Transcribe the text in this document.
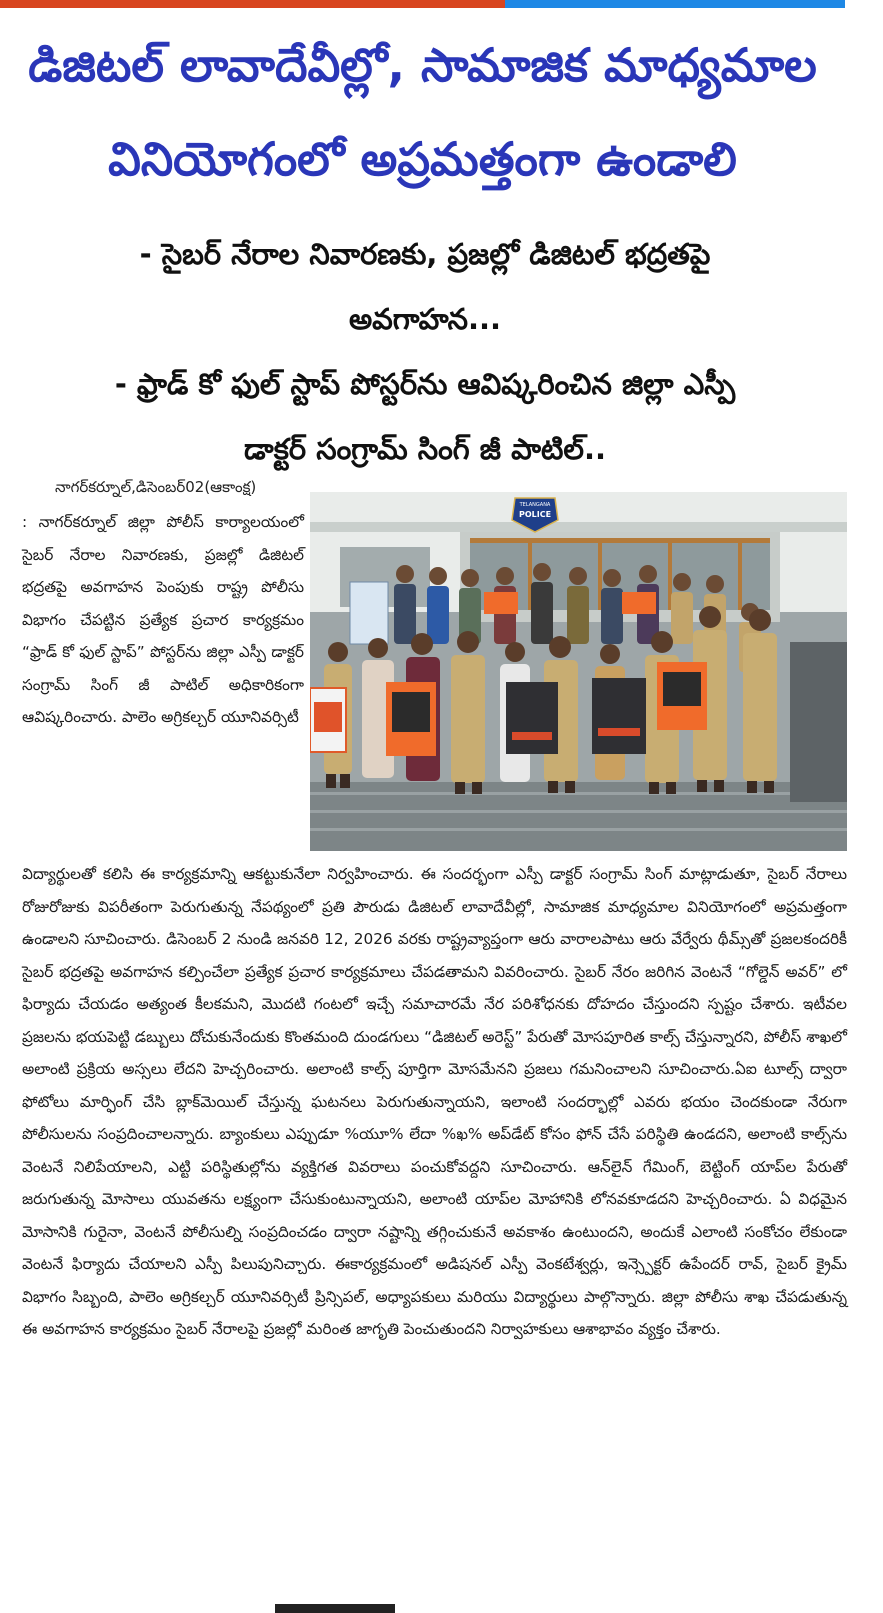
డిజిటల్ లావాదేవీల్లో, సామాజిక మాధ్యమాల
వినియోగంలో అప్రమత్తంగా ఉండాలి

- సైబర్ నేరాల నివారణకు, ప్రజల్లో డిజిటల్ భద్రతపై

అవగాహన...

- ఫ్రాడ్ కో ఫుల్ స్టాప్ పోస్టర్‌ను ఆవిష్కరించిన జిల్లా ఎస్పీ

డాక్టర్ సంగ్రామ్ సింగ్ జీ పాటిల్..

నాగర్‌కర్నూల్,డిసెంబర్02(ఆకాంక్ష)
: నాగర్‌కర్నూల్ జిల్లా పోలీస్ కార్యాలయంలో సైబర్ నేరాల నివారణకు, ప్రజల్లో డిజిటల్ భద్రతపై అవగాహన పెంపుకు రాష్ట్ర పోలీసు విభాగం చేపట్టిన ప్రత్యేక ప్రచార కార్యక్రమం “ఫ్రాడ్ కో ఫుల్ స్టాప్” పోస్టర్‌ను జిల్లా ఎస్పీ డాక్టర్ సంగ్రామ్ సింగ్ జీ పాటిల్ అధికారికంగా ఆవిష్కరించారు. పాలెం అగ్రికల్చర్ యూనివర్సిటీ
TELANGANA
POLICE
విద్యార్థులతో కలిసి ఈ కార్యక్రమాన్ని ఆకట్టుకునేలా నిర్వహించారు. ఈ సందర్భంగా ఎస్పీ డాక్టర్ సంగ్రామ్ సింగ్ మాట్లాడుతూ, సైబర్ నేరాలు రోజురోజుకు విపరీతంగా పెరుగుతున్న నేపథ్యంలో ప్రతి పౌరుడు డిజిటల్ లావాదేవీల్లో, సామాజిక మాధ్యమాల వినియోగంలో అప్రమత్తంగా ఉండాలని సూచించారు. డిసెంబర్ 2 నుండి జనవరి 12, 2026 వరకు రాష్ట్రవ్యాప్తంగా ఆరు వారాలపాటు ఆరు వేర్వేరు థీమ్స్‌తో ప్రజలకందరికీ సైబర్ భద్రతపై అవగాహన కల్పించేలా ప్రత్యేక ప్రచార కార్యక్రమాలు చేపడతామని వివరించారు. సైబర్ నేరం జరిగిన వెంటనే “గోల్డెన్ అవర్” లో ఫిర్యాదు చేయడం అత్యంత కీలకమని, మొదటి గంటలో ఇచ్చే సమాచారమే నేర పరిశోధనకు దోహదం చేస్తుందని స్పష్టం చేశారు. ఇటీవల ప్రజలను భయపెట్టి డబ్బులు దోచుకునేందుకు కొంతమంది దుండగులు “డిజిటల్ అరెస్ట్” పేరుతో మోసపూరిత కాల్స్ చేస్తున్నారని, పోలీస్ శాఖలో అలాంటి ప్రక్రియ అస్సలు లేదని హెచ్చరించారు. అలాంటి కాల్స్ పూర్తిగా మోసమేనని ప్రజలు గమనించాలని సూచించారు.ఏఐ టూల్స్ ద్వారా ఫోటోలు మార్ఫింగ్ చేసి బ్లాక్‌మెయిల్ చేస్తున్న ఘటనలు పెరుగుతున్నాయని, ఇలాంటి సందర్భాల్లో ఎవరు భయం చెందకుండా నేరుగా పోలీసులను సంప్రదించాలన్నారు. బ్యాంకులు ఎప్పుడూ %యూ% లేదా %ఖ% అప్‌డేట్ కోసం ఫోన్ చేసే పరిస్థితి ఉండదని, అలాంటి కాల్స్‌ను వెంటనే నిలిపేయాలని, ఎట్టి పరిస్థితుల్లోను వ్యక్తిగత వివరాలు పంచుకోవద్దని సూచించారు. ఆన్‌లైన్ గేమింగ్, బెట్టింగ్ యాప్‌ల పేరుతో జరుగుతున్న మోసాలు యువతను లక్ష్యంగా చేసుకుంటున్నాయని, అలాంటి యాప్‌ల మోహానికి లోనవకూడదని హెచ్చరించారు. ఏ విధమైన మోసానికి గురైనా, వెంటనే పోలీసుల్ని సంప్రదించడం ద్వారా నష్టాన్ని తగ్గించుకునే అవకాశం ఉంటుందని, అందుకే ఎలాంటి సంకోచం లేకుండా వెంటనే ఫిర్యాదు చేయాలని ఎస్పీ పిలుపునిచ్చారు. ఈకార్యక్రమంలో అడిషనల్ ఎస్పీ వెంకటేశ్వర్లు, ఇన్స్పెక్టర్ ఉపేందర్ రావ్, సైబర్ క్రైమ్ విభాగం సిబ్బంది, పాలెం అగ్రికల్చర్ యూనివర్సిటీ ప్రిన్సిపల్, అధ్యాపకులు మరియు విద్యార్థులు పాల్గొన్నారు. జిల్లా పోలీసు శాఖ చేపడుతున్న ఈ అవగాహన కార్యక్రమం సైబర్ నేరాలపై ప్రజల్లో మరింత జాగృతి పెంచుతుందని నిర్వాహకులు ఆశాభావం వ్యక్తం చేశారు.
